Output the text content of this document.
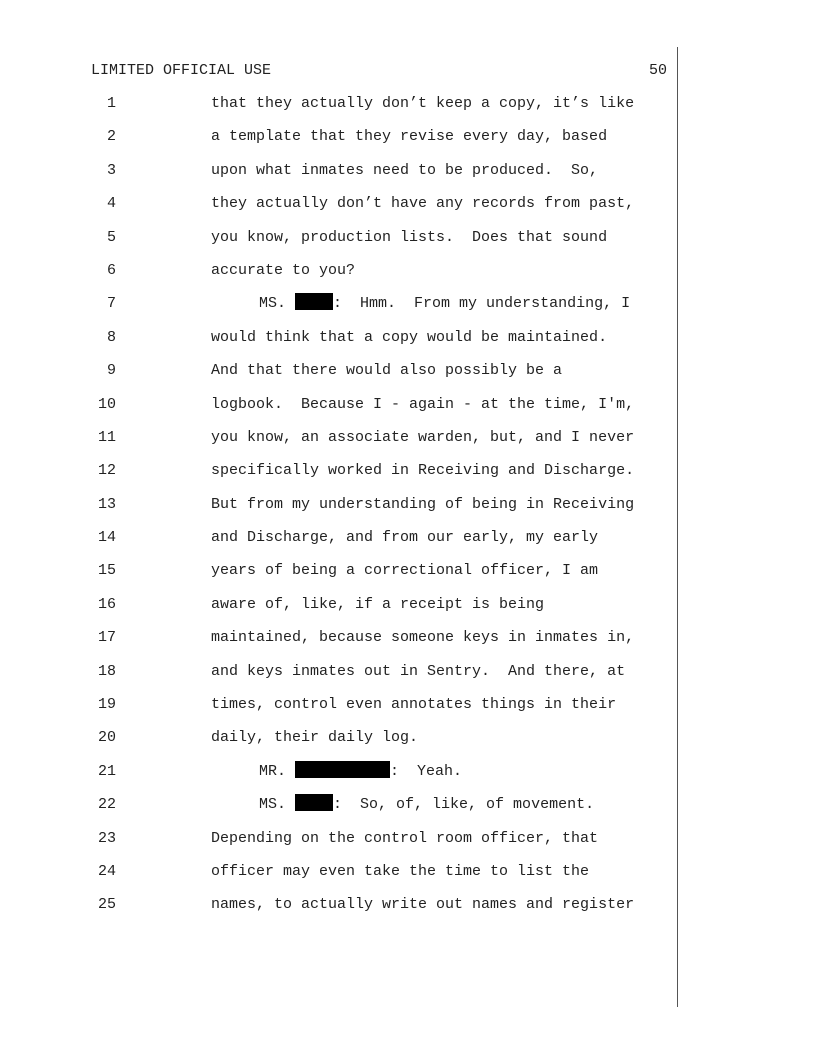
LIMITED OFFICIAL USE	50
1	that they actually don’t keep a copy, it’s like
2	a template that they revise every day, based
3	upon what inmates need to be produced.  So,
4	they actually don’t have any records from past,
5	you know, production lists.  Does that sound
6	accurate to you?
7	MS.	:  Hmm.  From my understanding, I
8	would think that a copy would be maintained.
9	And that there would also possibly be a
10	logbook.  Because I - again - at the time, I'm,
11	you know, an associate warden, but, and I never
12	specifically worked in Receiving and Discharge.
13	But from my understanding of being in Receiving
14	and Discharge, and from our early, my early
15	years of being a correctional officer, I am
16	aware of, like, if a receipt is being
17	maintained, because someone keys in inmates in,
18	and keys inmates out in Sentry.  And there, at
19	times, control even annotates things in their
20	daily, their daily log.
21	MR.	:  Yeah.
22	MS.	:  So, of, like, of movement.
23	Depending on the control room officer, that
24	officer may even take the time to list the
25	names, to actually write out names and register
